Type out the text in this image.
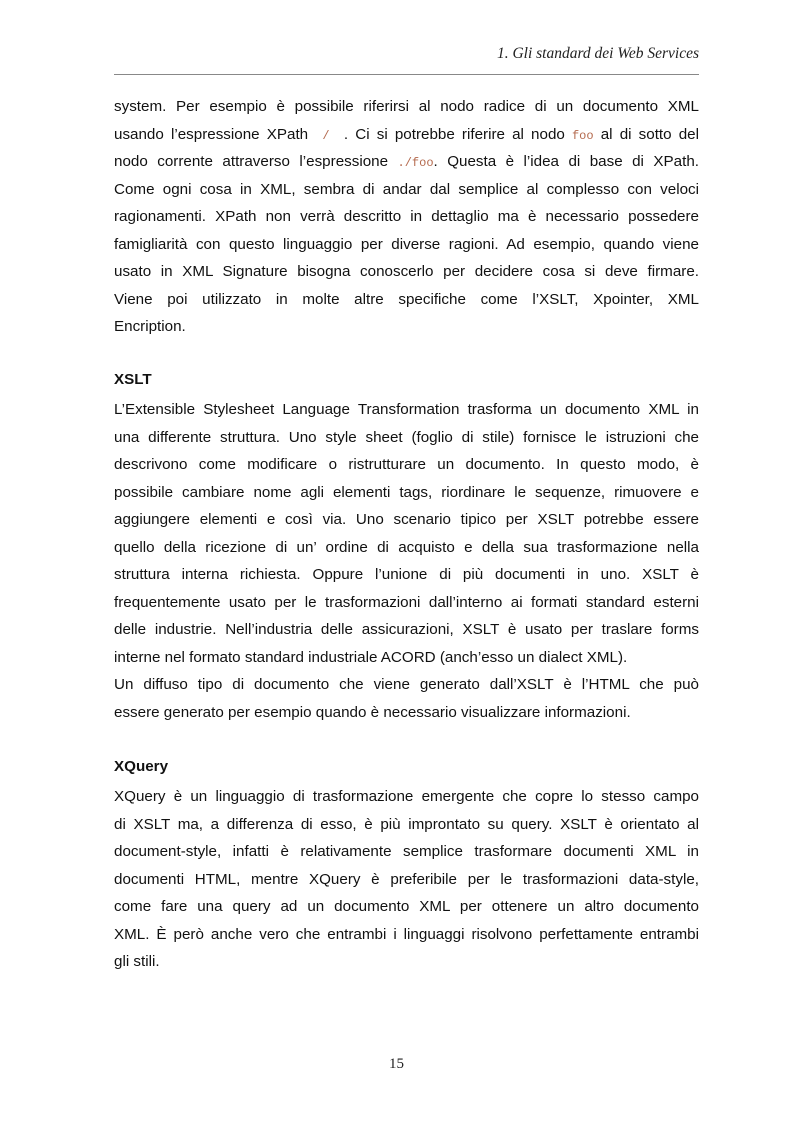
1. Gli standard dei Web Services
system. Per esempio è possibile riferirsi al nodo radice di un documento XML
usando l’espressione XPath / . Ci si potrebbe riferire al nodo foo al di sotto del
nodo corrente attraverso l’espressione ./foo. Questa è l’idea di base di XPath.
Come ogni cosa in XML, sembra di andar dal semplice al complesso con veloci
ragionamenti. XPath non verrà descritto in dettaglio ma è necessario possedere
famigliarità con questo linguaggio per diverse ragioni. Ad esempio, quando viene
usato in XML Signature bisogna conoscerlo per decidere cosa si deve firmare.
Viene poi utilizzato in molte altre specifiche come l’XSLT, Xpointer, XML
Encription.
XSLT
L’Extensible Stylesheet Language Transformation trasforma un documento XML in
una differente struttura. Uno style sheet (foglio di stile) fornisce le istruzioni che
descrivono come modificare o ristrutturare un documento. In questo modo, è
possibile cambiare nome agli elementi tags, riordinare le sequenze, rimuovere e
aggiungere elementi e così via. Uno scenario tipico per XSLT potrebbe essere
quello della ricezione di un’ ordine di acquisto e della sua trasformazione nella
struttura interna richiesta. Oppure l’unione di più documenti in uno. XSLT è
frequentemente usato per le trasformazioni dall’interno ai formati standard esterni
delle industrie. Nell’industria delle assicurazioni, XSLT è usato per traslare forms
interne nel formato standard industriale ACORD (anch’esso un dialect XML).
Un diffuso tipo di documento che viene generato dall’XSLT è l’HTML che può
essere generato per esempio quando è necessario visualizzare informazioni.
XQuery
XQuery è un linguaggio di trasformazione emergente che copre lo stesso campo
di XSLT ma, a differenza di esso, è più improntato su query. XSLT è orientato al
document-style, infatti è relativamente semplice trasformare documenti XML in
documenti HTML, mentre XQuery è preferibile per le trasformazioni data-style,
come fare una query ad un documento XML per ottenere un altro documento
XML. È però anche vero che entrambi i linguaggi risolvono perfettamente entrambi
gli stili.
15
